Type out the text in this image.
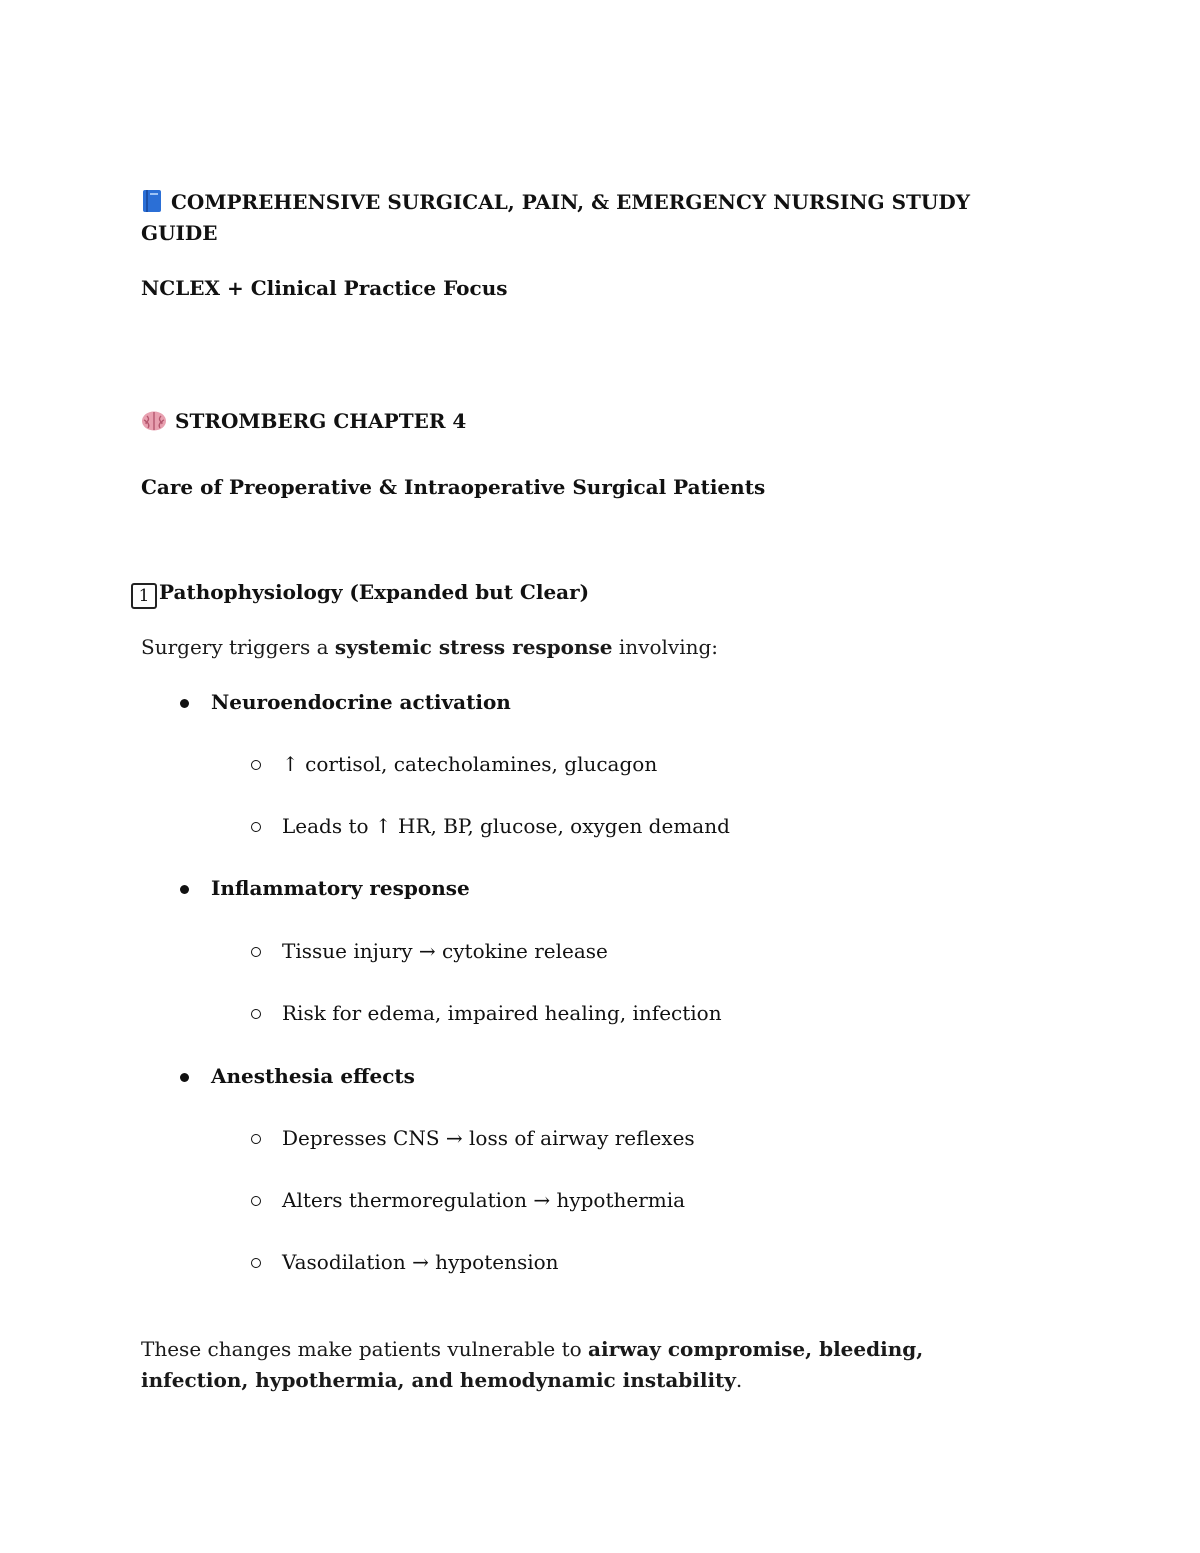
COMPREHENSIVE SURGICAL, PAIN, & EMERGENCY NURSING STUDY GUIDE

NCLEX + Clinical Practice Focus

STROMBERG CHAPTER 4

Care of Preoperative & Intraoperative Surgical Patients

1 Pathophysiology (Expanded but Clear)

Surgery triggers a systemic stress response involving:

Neuroendocrine activation
↑ cortisol, catecholamines, glucagon
Leads to ↑ HR, BP, glucose, oxygen demand
Inflammatory response
Tissue injury → cytokine release
Risk for edema, impaired healing, infection
Anesthesia effects
Depresses CNS → loss of airway reflexes
Alters thermoregulation → hypothermia
Vasodilation → hypotension

These changes make patients vulnerable to airway compromise, bleeding, infection, hypothermia, and hemodynamic instability.
